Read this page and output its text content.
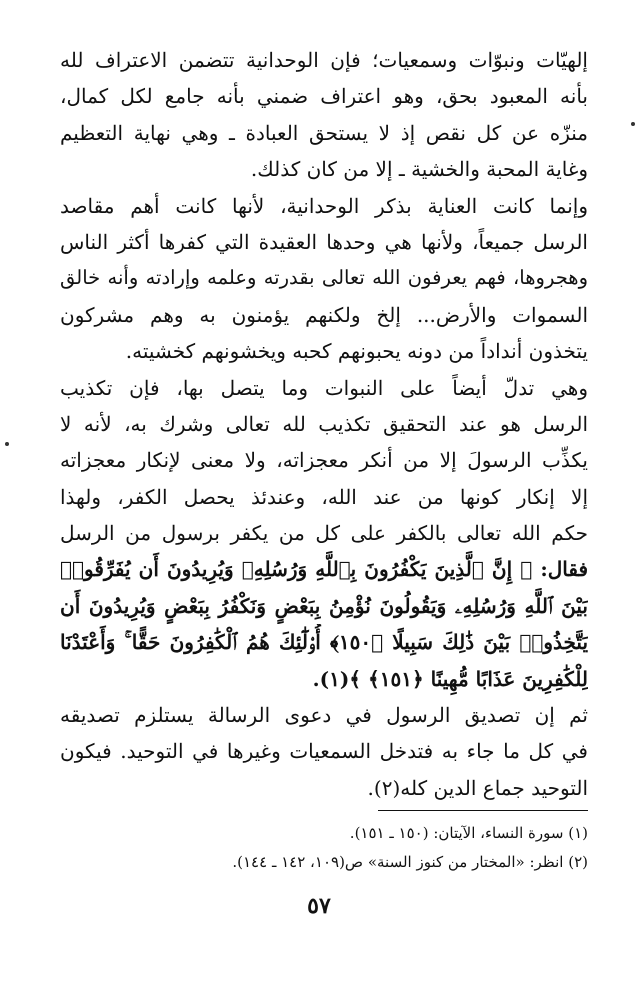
إلهيّات ونبوّات وسمعيات؛ فإن الوحدانية تتضمن الاعتراف لله
بأنه المعبود بحق، وهو اعتراف ضمني بأنه جامع لكل كمال،
منزّه عن كل نقص إذ لا يستحق العبادة ـ وهي نهاية التعظيم
وغاية المحبة والخشية ـ إلا من كان كذلك.
وإنما كانت العناية بذكر الوحدانية، لأنها كانت أهم مقاصد
الرسل جميعاً، ولأنها هي وحدها العقيدة التي كفرها أكثر الناس
وهجروها، فهم يعرفون الله تعالى بقدرته وعلمه وإرادته وأنه خالق
السموات والأرض... إلخ ولكنهم يؤمنون به وهم مشركون
يتخذون أنداداً من دونه يحبونهم كحبه ويخشونهم كخشيته.
وهي تدلّ أيضاً على النبوات وما يتصل بها، فإن تكذيب
الرسل هو عند التحقيق تكذيب لله تعالى وشرك به، لأنه لا
يكذِّب الرسولَ إلا من أنكر معجزاته، ولا معنى لإنكار معجزاته
إلا إنكار كونها من عند الله، وعندئذ يحصل الكفر، ولهذا
حكم الله تعالى بالكفر على كل من يكفر برسول من الرسل
فقال: ﴿ إِنَّ ٱلَّذِينَ يَكْفُرُونَ بِٱللَّهِ وَرُسُلِهِۦ وَيُرِيدُونَ أَن يُفَرِّقُوا۟
بَيْنَ ٱللَّهِ وَرُسُلِهِۦ وَيَقُولُونَ نُؤْمِنُ بِبَعْضٍ وَنَكْفُرُ بِبَعْضٍ وَيُرِيدُونَ أَن
يَتَّخِذُوا۟ بَيْنَ ذَٰلِكَ سَبِيلًا ﴿١٥٠﴾ أُو۟لَٰٓئِكَ هُمُ ٱلْكَٰفِرُونَ حَقًّا ۚ وَأَعْتَدْنَا
لِلْكَٰفِرِينَ عَذَابًا مُّهِينًا ﴿١٥١﴾ ﴾(١).
ثم إن تصديق الرسول في دعوى الرسالة يستلزم تصديقه
في كل ما جاء به فتدخل السمعيات وغيرها في التوحيد. فيكون
التوحيد جماع الدين كله(٢).
(١) سورة النساء، الآيتان: (١٥٠ ـ ١٥١).
(٢) انظر: «المختار من كنوز السنة» ص(١٠٩، ١٤٢ ـ ١٤٤).
٥٧
